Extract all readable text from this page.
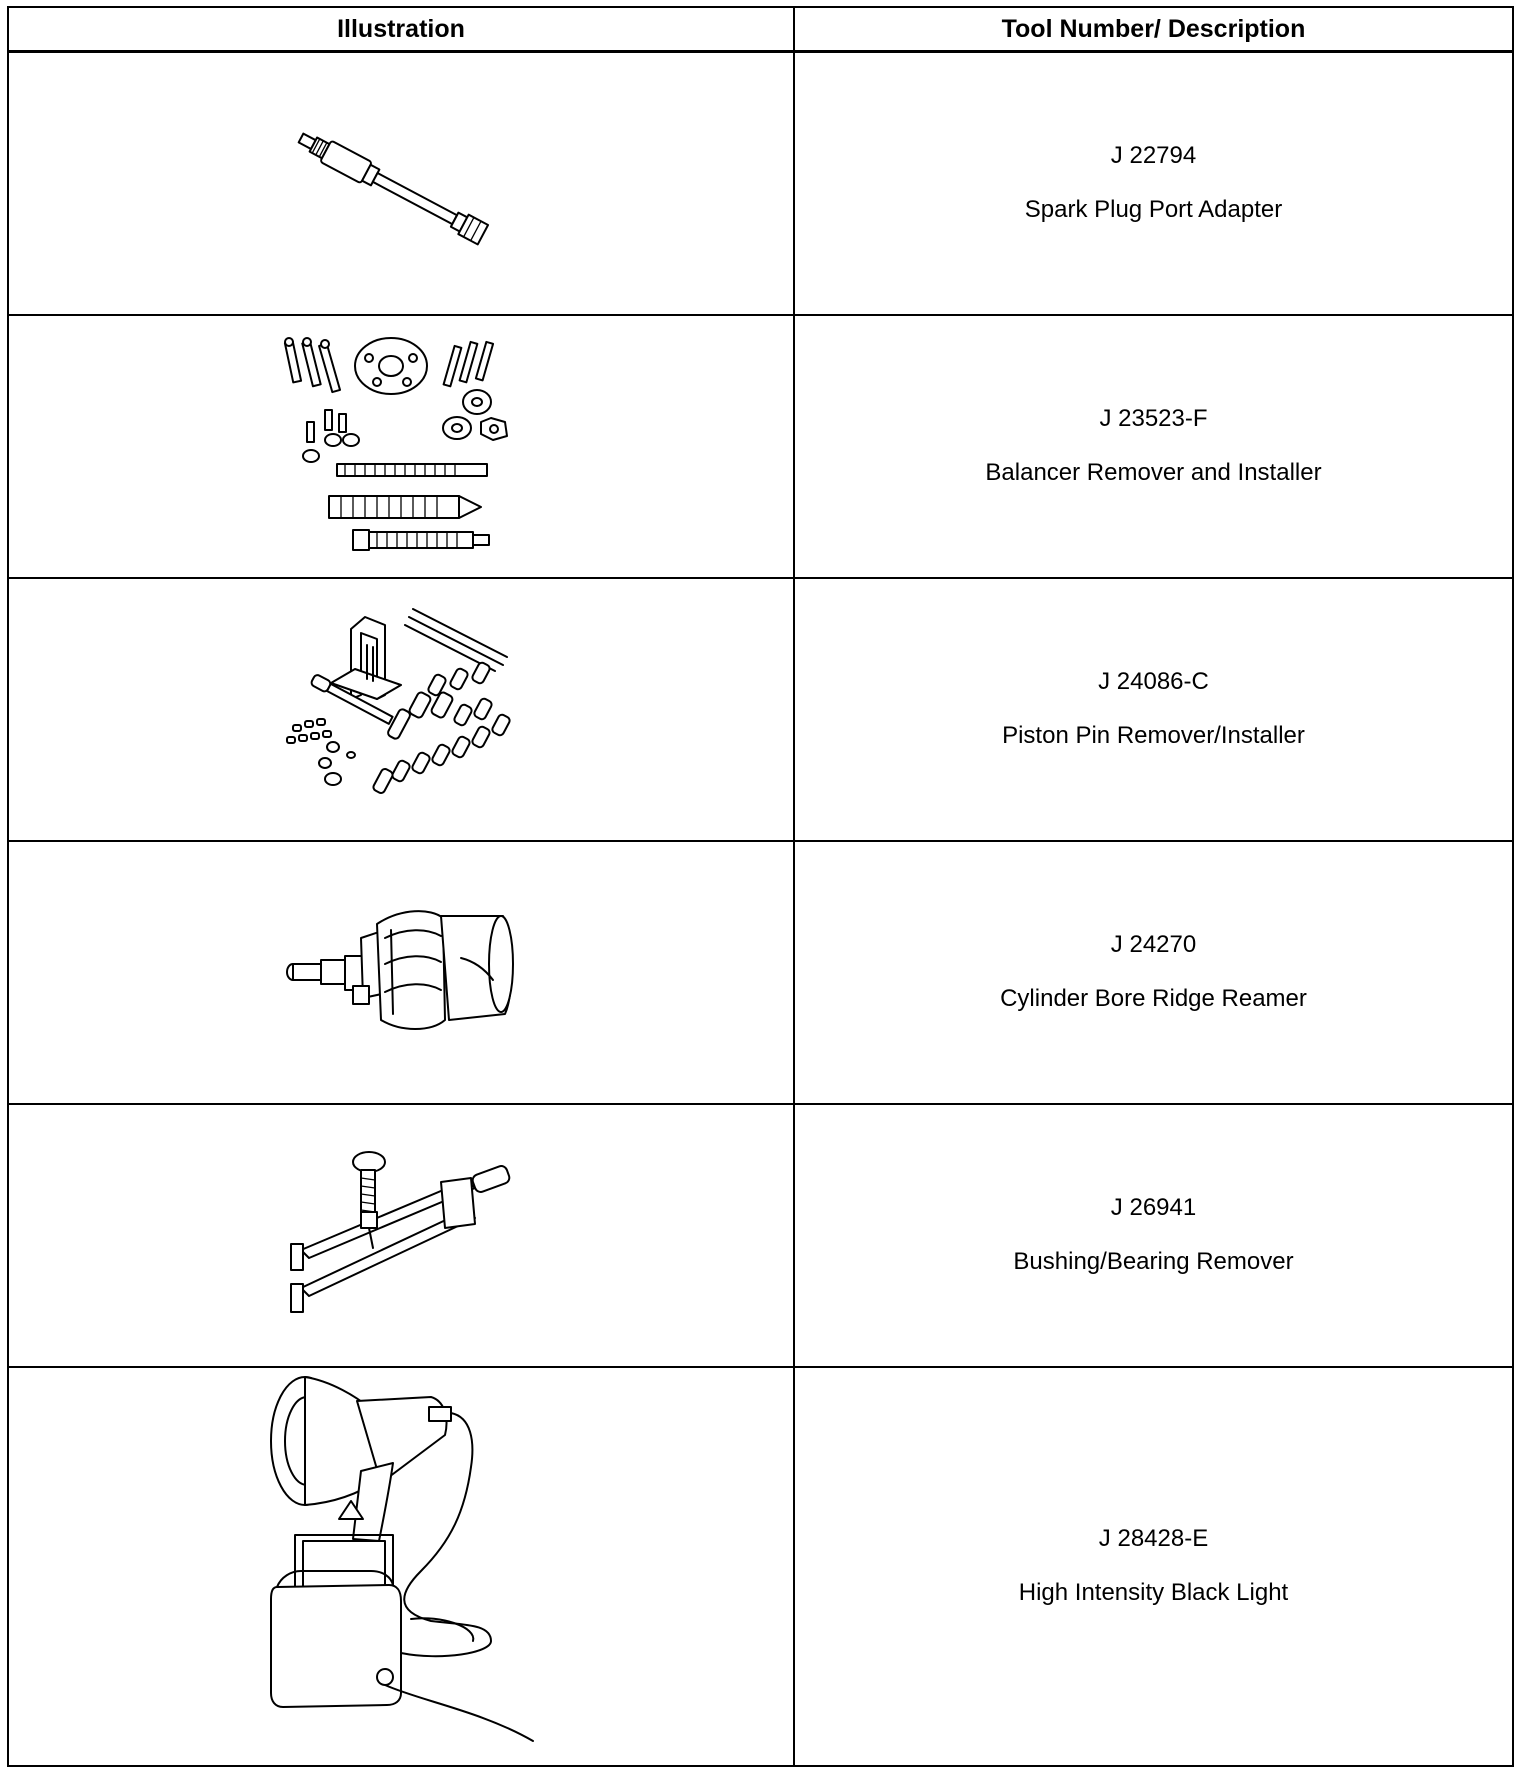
Illustration	Tool Number/ Description

J 22794
Spark Plug Port Adapter

J 23523-F
Balancer Remover and Installer

J 24086-C
Piston Pin Remover/Installer

J 24270
Cylinder Bore Ridge Reamer

J 26941
Bushing/Bearing Remover

J 28428-E
High Intensity Black Light
